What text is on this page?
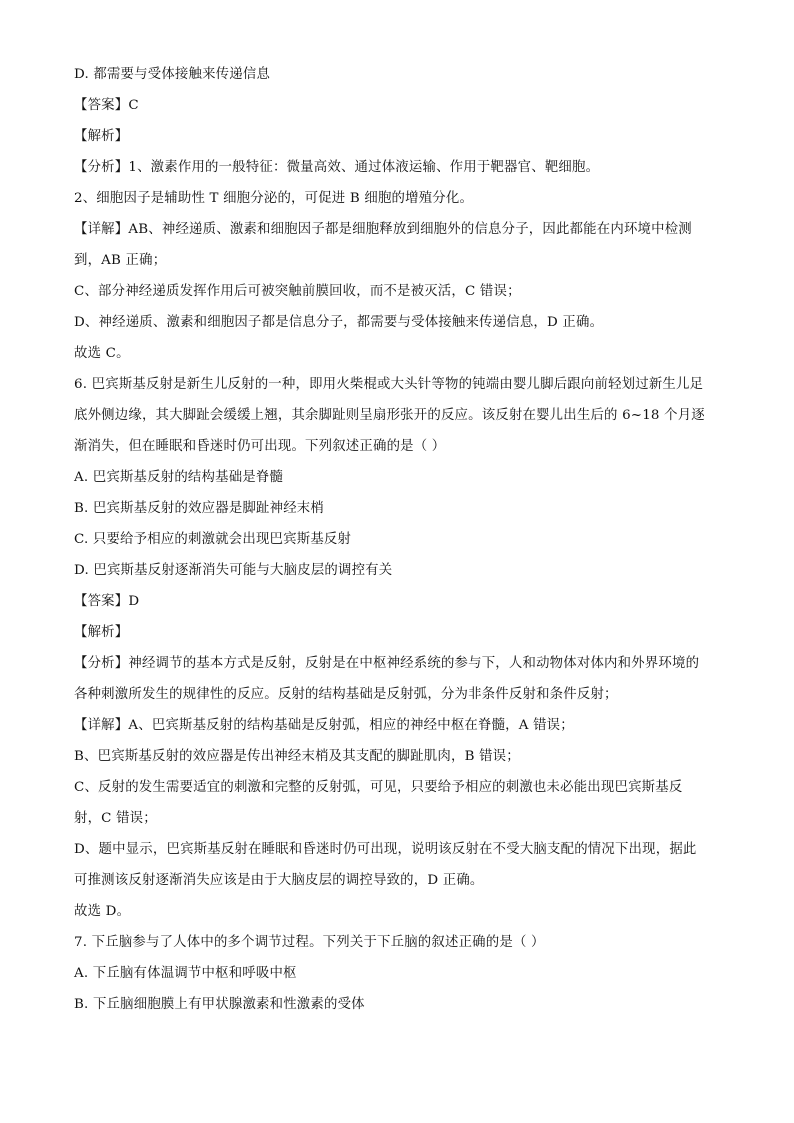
D. 都需要与受体接触来传递信息
【答案】C
【解析】
【分析】1、激素作用的一般特征：微量高效、通过体液运输、作用于靶器官、靶细胞。
2、细胞因子是辅助性 T 细胞分泌的，可促进 B 细胞的增殖分化。
【详解】AB、神经递质、激素和细胞因子都是细胞释放到细胞外的信息分子，因此都能在内环境中检测
到，AB 正确；
C、部分神经递质发挥作用后可被突触前膜回收，而不是被灭活，C 错误；
D、神经递质、激素和细胞因子都是信息分子，都需要与受体接触来传递信息，D 正确。
故选 C。
6. 巴宾斯基反射是新生儿反射的一种，即用火柴棍或大头针等物的钝端由婴儿脚后跟向前轻划过新生儿足
底外侧边缘，其大脚趾会缓缓上翘，其余脚趾则呈扇形张开的反应。该反射在婴儿出生后的 6~18 个月逐
渐消失，但在睡眠和昏迷时仍可出现。下列叙述正确的是（ ）
A. 巴宾斯基反射的结构基础是脊髓
B. 巴宾斯基反射的效应器是脚趾神经末梢
C. 只要给予相应的刺激就会出现巴宾斯基反射
D. 巴宾斯基反射逐渐消失可能与大脑皮层的调控有关
【答案】D
【解析】
【分析】神经调节的基本方式是反射，反射是在中枢神经系统的参与下，人和动物体对体内和外界环境的
各种刺激所发生的规律性的反应。反射的结构基础是反射弧，分为非条件反射和条件反射；
【详解】A、巴宾斯基反射的结构基础是反射弧，相应的神经中枢在脊髓，A 错误；
B、巴宾斯基反射的效应器是传出神经末梢及其支配的脚趾肌肉，B 错误；
C、反射的发生需要适宜的刺激和完整的反射弧，可见，只要给予相应的刺激也未必能出现巴宾斯基反
射，C 错误；
D、题中显示，巴宾斯基反射在睡眠和昏迷时仍可出现，说明该反射在不受大脑支配的情况下出现，据此
可推测该反射逐渐消失应该是由于大脑皮层的调控导致的，D 正确。
故选 D。
7. 下丘脑参与了人体中的多个调节过程。下列关于下丘脑的叙述正确的是（ ）
A. 下丘脑有体温调节中枢和呼吸中枢
B. 下丘脑细胞膜上有甲状腺激素和性激素的受体
